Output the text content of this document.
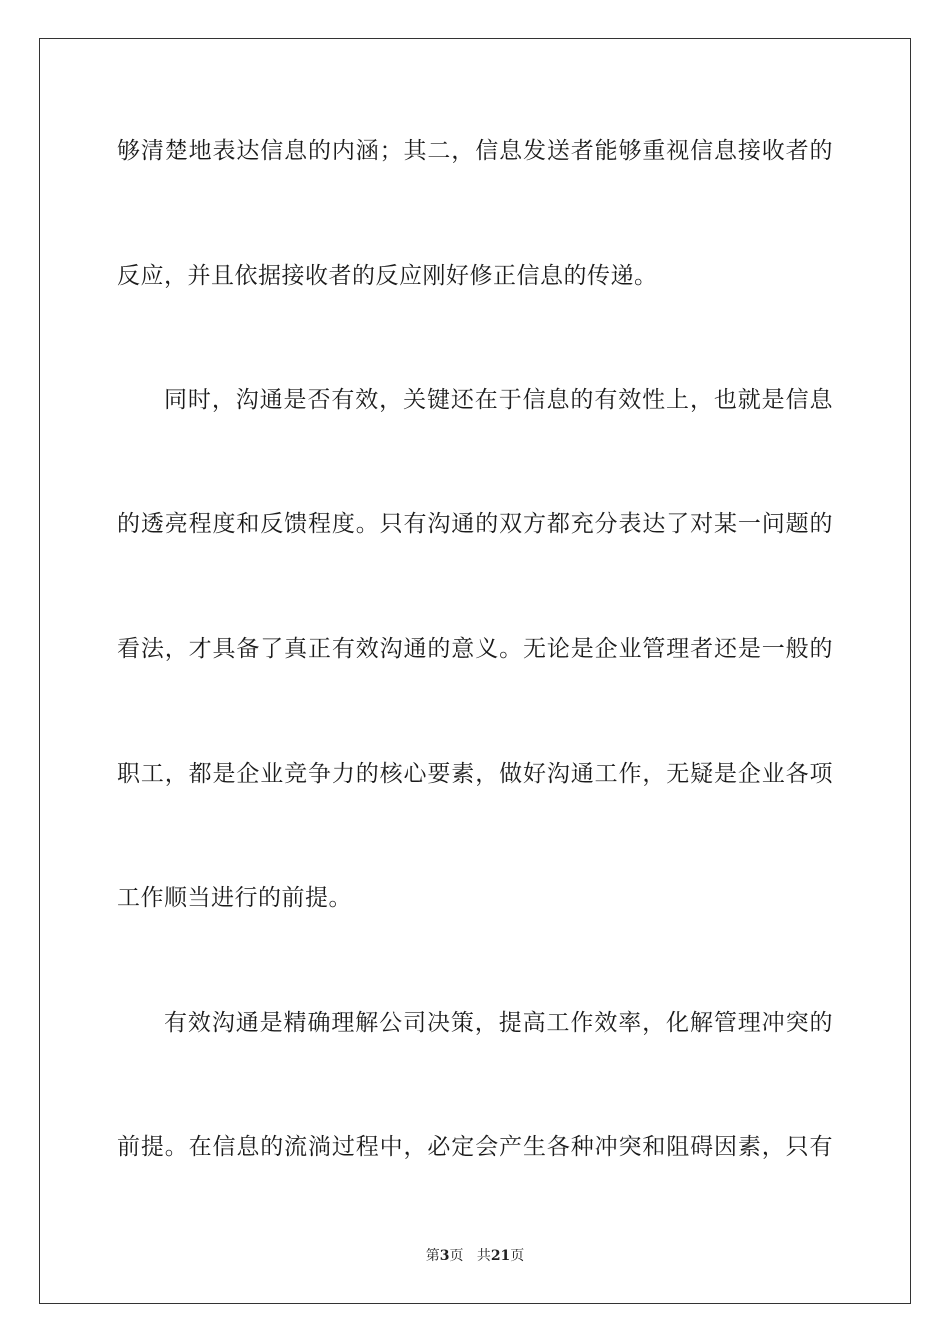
够清楚地表达信息的内涵；其二，信息发送者能够重视信息接收者的
反应，并且依据接收者的反应刚好修正信息的传递。
同时，沟通是否有效，关键还在于信息的有效性上，也就是信息
的透亮程度和反馈程度。只有沟通的双方都充分表达了对某一问题的
看法，才具备了真正有效沟通的意义。无论是企业管理者还是一般的
职工，都是企业竞争力的核心要素，做好沟通工作，无疑是企业各项
工作顺当进行的前提。
有效沟通是精确理解公司决策，提高工作效率，化解管理冲突的
前提。在信息的流淌过程中，必定会产生各种冲突和阻碍因素，只有
第3页 共21页
